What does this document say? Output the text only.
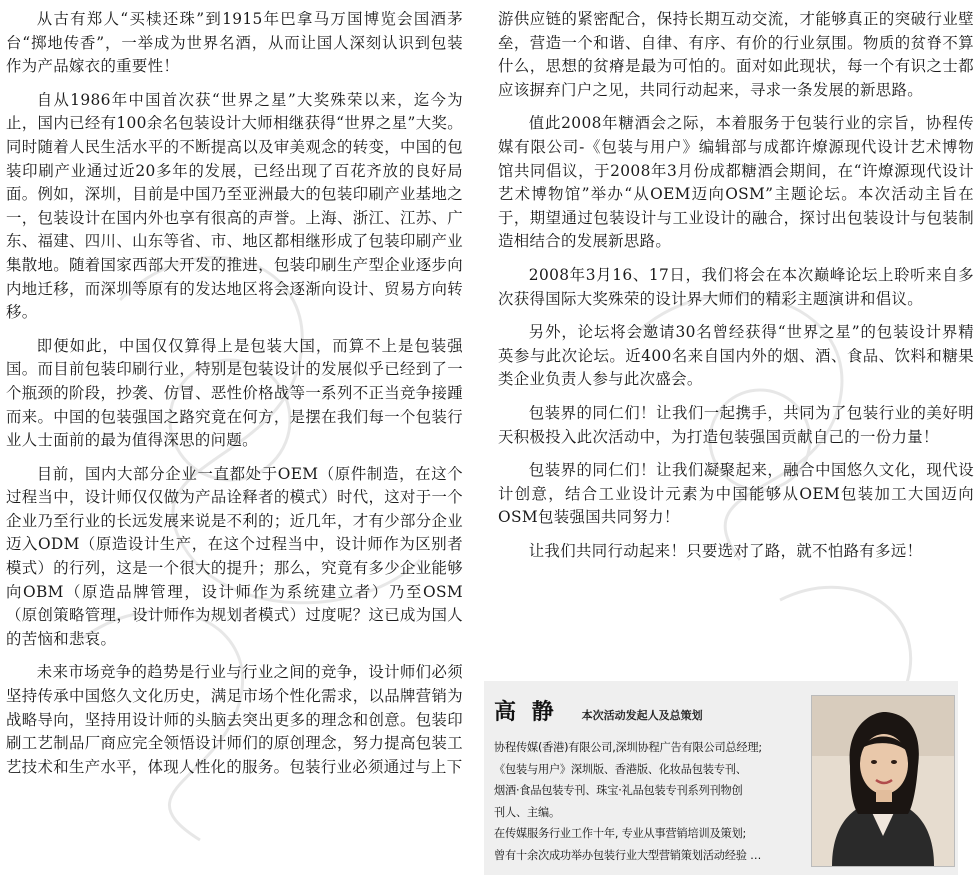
从古有郑人“买椟还珠”到1915年巴拿马万国博览会国酒茅台“掷地传香”，一举成为世界名酒，从而让国人深刻认识到包装作为产品嫁衣的重要性！

自从1986年中国首次获“世界之星”大奖殊荣以来，迄今为止，国内已经有100余名包装设计大师相继获得“世界之星”大奖。同时随着人民生活水平的不断提高以及审美观念的转变，中国的包装印刷产业通过近20多年的发展，已经出现了百花齐放的良好局面。例如，深圳，目前是中国乃至亚洲最大的包装印刷产业基地之一，包装设计在国内外也享有很高的声誉。上海、浙江、江苏、广东、福建、四川、山东等省、市、地区都相继形成了包装印刷产业集散地。随着国家西部大开发的推进，包装印刷生产型企业逐步向内地迁移，而深圳等原有的发达地区将会逐渐向设计、贸易方向转移。

即便如此，中国仅仅算得上是包装大国，而算不上是包装强国。而目前包装印刷行业，特别是包装设计的发展似乎已经到了一个瓶颈的阶段，抄袭、仿冒、恶性价格战等一系列不正当竞争接踵而来。中国的包装强国之路究竟在何方，是摆在我们每一个包装行业人士面前的最为值得深思的问题。

目前，国内大部分企业一直都处于OEM（原件制造，在这个过程当中，设计师仅仅做为产品诠释者的模式）时代，这对于一个企业乃至行业的长远发展来说是不利的；近几年，才有少部分企业迈入ODM（原造设计生产，在这个过程当中，设计师作为区别者模式）的行列，这是一个很大的提升；那么，究竟有多少企业能够向OBM（原造品牌管理，设计师作为系统建立者）乃至OSM（原创策略管理，设计师作为规划者模式）过度呢？这已成为国人的苦恼和悲哀。

未来市场竞争的趋势是行业与行业之间的竞争，设计师们必须坚持传承中国悠久文化历史，满足市场个性化需求，以品牌营销为战略导向，坚持用设计师的头脑去突出更多的理念和创意。包装印刷工艺制品厂商应完全领悟设计师们的原创理念，努力提高包装工艺技术和生产水平，体现人性化的服务。包装行业必须通过与上下

游供应链的紧密配合，保持长期互动交流，才能够真正的突破行业壁垒，营造一个和谐、自律、有序、有价的行业氛围。物质的贫脊不算什么，思想的贫瘠是最为可怕的。面对如此现状，每一个有识之士都应该摒弃门户之见，共同行动起来，寻求一条发展的新思路。

值此2008年糖酒会之际，本着服务于包装行业的宗旨，协程传媒有限公司-《包装与用户》编辑部与成都许燎源现代设计艺术博物馆共同倡议，于2008年3月份成都糖酒会期间，在“许燎源现代设计艺术博物馆”举办“从OEM迈向OSM”主题论坛。本次活动主旨在于，期望通过包装设计与工业设计的融合，探讨出包装设计与包装制造相结合的发展新思路。

2008年3月16、17日，我们将会在本次巅峰论坛上聆听来自多次获得国际大奖殊荣的设计界大师们的精彩主题演讲和倡议。

另外，论坛将会邀请30名曾经获得“世界之星”的包装设计界精英参与此次论坛。近400名来自国内外的烟、酒、食品、饮料和糖果类企业负责人参与此次盛会。

包装界的同仁们！让我们一起携手，共同为了包装行业的美好明天积极投入此次活动中，为打造包装强国贡献自己的一份力量！

包装界的同仁们！让我们凝聚起来，融合中国悠久文化，现代设计创意，结合工业设计元素为中国能够从OEM包装加工大国迈向OSM包装强国共同努力！

让我们共同行动起来！只要选对了路，就不怕路有多远！

高 静 本次活动发起人及总策划
协程传媒(香港)有限公司,深圳协程广告有限公司总经理;
《包装与用户》深圳版、香港版、化妆品包装专刊、
烟酒·食品包装专刊、珠宝·礼品包装专刊系列刊物创
刊人、主编。
在传媒服务行业工作十年, 专业从事营销培训及策划;
曾有十余次成功举办包装行业大型营销策划活动经验 …
